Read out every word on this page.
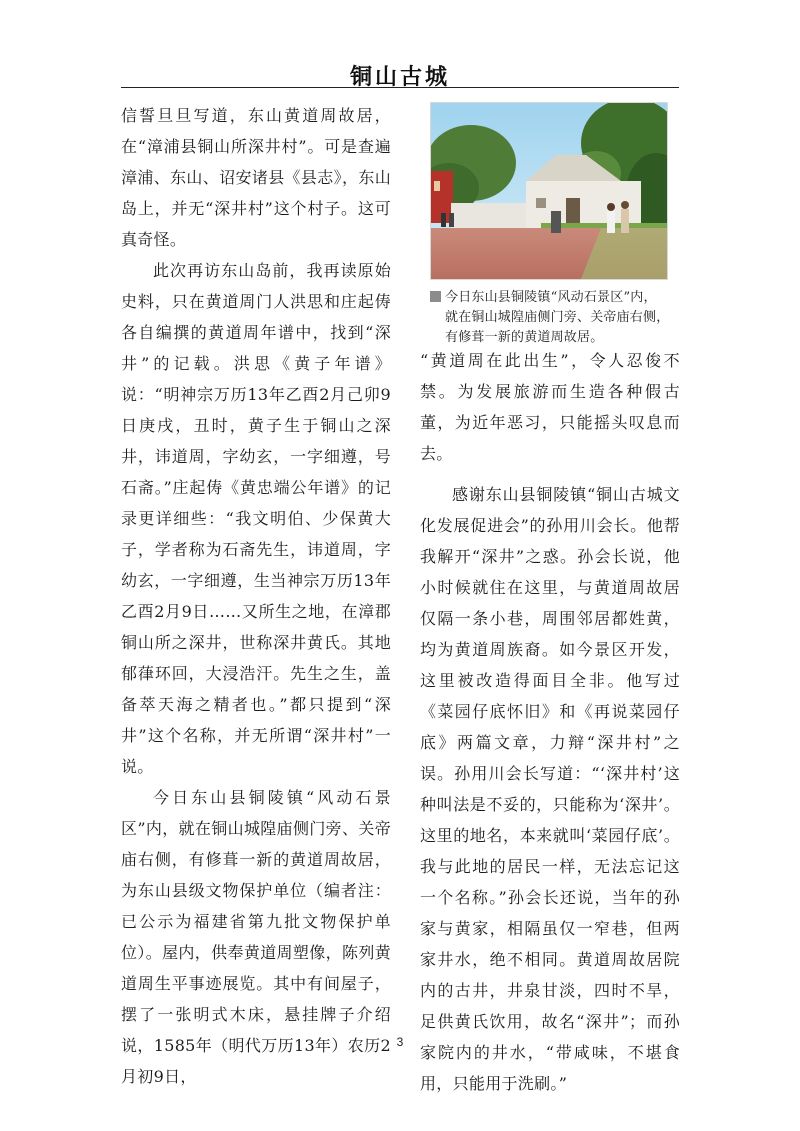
铜山古城

信誓旦旦写道，东山黄道周故居，在“漳浦县铜山所深井村”。可是查遍漳浦、东山、诏安诸县《县志》，东山岛上，并无“深井村”这个村子。这可真奇怪。

此次再访东山岛前，我再读原始史料，只在黄道周门人洪思和庄起俦各自编撰的黄道周年谱中，找到“深井”的记载。洪思《黄子年谱》说：“明神宗万历13年乙酉2月己卯9日庚戌，丑时，黄子生于铜山之深井，讳道周，字幼玄，一字细遵，号石斋。”庄起俦《黄忠端公年谱》的记录更详细些：“我文明伯、少保黄大子，学者称为石斋先生，讳道周，字幼玄，一字细遵，生当神宗万历13年乙酉2月9日……又所生之地，在漳郡铜山所之深井，世称深井黄氏。其地郁葎环回，大浸浩汗。先生之生，盖备萃天海之精者也。”都只提到“深井”这个名称，并无所谓“深井村”一说。

今日东山县铜陵镇“风动石景区”内，就在铜山城隍庙侧门旁、关帝庙右侧，有修葺一新的黄道周故居，为东山县级文物保护单位（编者注：已公示为福建省第九批文物保护单位）。屋内，供奉黄道周塑像，陈列黄道周生平事迹展览。其中有间屋子，摆了一张明式木床，悬挂牌子介绍说，1585年（明代万历13年）农历2月初9日，

今日东山县铜陵镇“风动石景区”内，
就在铜山城隍庙侧门旁、关帝庙右侧，
有修葺一新的黄道周故居。

“黄道周在此出生”，令人忍俊不禁。为发展旅游而生造各种假古董，为近年恶习，只能摇头叹息而去。

感谢东山县铜陵镇“铜山古城文化发展促进会”的孙用川会长。他帮我解开“深井”之惑。孙会长说，他小时候就住在这里，与黄道周故居仅隔一条小巷，周围邻居都姓黄，均为黄道周族裔。如今景区开发，这里被改造得面目全非。他写过《菜园仔底怀旧》和《再说菜园仔底》两篇文章，力辩“深井村”之误。孙用川会长写道：“‘深井村’这种叫法是不妥的，只能称为‘深井’。这里的地名，本来就叫‘菜园仔底’。我与此地的居民一样，无法忘记这一个名称。”孙会长还说，当年的孙家与黄家，相隔虽仅一窄巷，但两家井水，绝不相同。黄道周故居院内的古井，井泉甘淡，四时不旱，足供黄氏饮用，故名“深井”；而孙家院内的井水，“带咸味，不堪食用，只能用于洗刷。”

3
